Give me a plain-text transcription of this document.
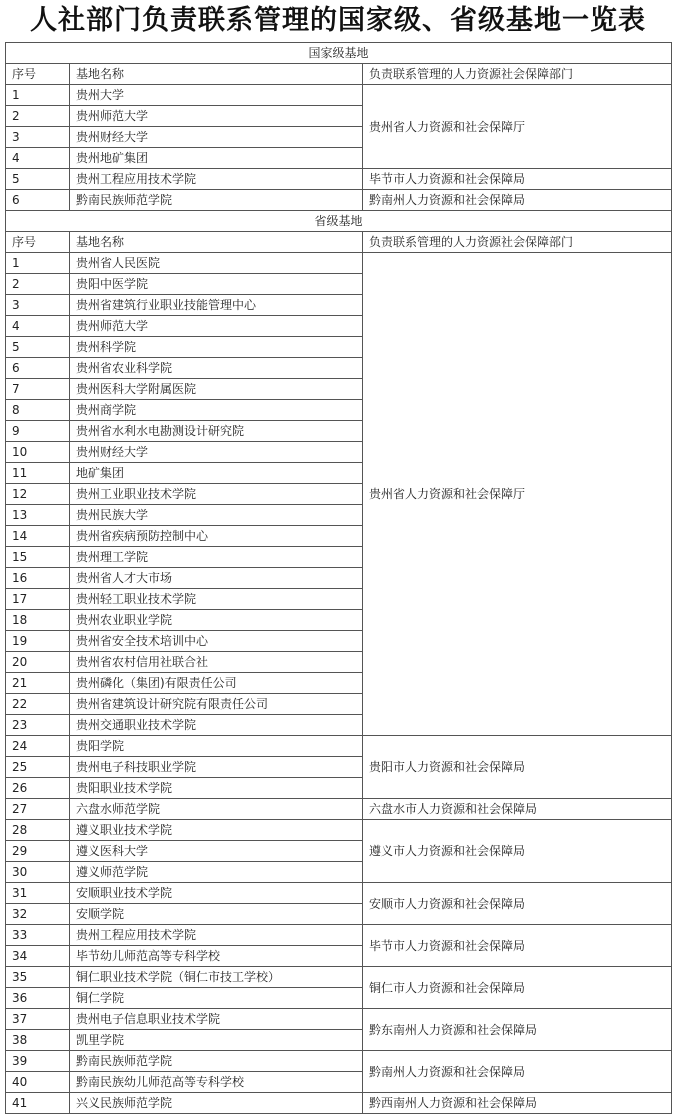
人社部门负责联系管理的国家级、省级基地一览表
国家级基地		
序号	基地名称	负责联系管理的人力资源社会保障部门
1	贵州大学	贵州省人力资源和社会保障厅
2	贵州师范大学	
3	贵州财经大学	
4	贵州地矿集团	
5	贵州工程应用技术学院	毕节市人力资源和社会保障局
6	黔南民族师范学院	黔南州人力资源和社会保障局
省级基地		
序号	基地名称	负责联系管理的人力资源社会保障部门
1	贵州省人民医院	贵州省人力资源和社会保障厅
2	贵阳中医学院	
3	贵州省建筑行业职业技能管理中心	
4	贵州师范大学	
5	贵州科学院	
6	贵州省农业科学院	
7	贵州医科大学附属医院	
8	贵州商学院	
9	贵州省水利水电勘测设计研究院	
10	贵州财经大学	
11	地矿集团	
12	贵州工业职业技术学院	
13	贵州民族大学	
14	贵州省疾病预防控制中心	
15	贵州理工学院	
16	贵州省人才大市场	
17	贵州轻工职业技术学院	
18	贵州农业职业学院	
19	贵州省安全技术培训中心	
20	贵州省农村信用社联合社	
21	贵州磷化（集团)有限责任公司	
22	贵州省建筑设计研究院有限责任公司	
23	贵州交通职业技术学院	
24	贵阳学院	贵阳市人力资源和社会保障局
25	贵州电子科技职业学院	
26	贵阳职业技术学院	
27	六盘水师范学院	六盘水市人力资源和社会保障局
28	遵义职业技术学院	遵义市人力资源和社会保障局
29	遵义医科大学	
30	遵义师范学院	
31	安顺职业技术学院	安顺市人力资源和社会保障局
32	安顺学院	
33	贵州工程应用技术学院	毕节市人力资源和社会保障局
34	毕节幼儿师范高等专科学校	
35	铜仁职业技术学院（铜仁市技工学校）	铜仁市人力资源和社会保障局
36	铜仁学院	
37	贵州电子信息职业技术学院	黔东南州人力资源和社会保障局
38	凯里学院	
39	黔南民族师范学院	黔南州人力资源和社会保障局
40	黔南民族幼儿师范高等专科学校	
41	兴义民族师范学院	黔西南州人力资源和社会保障局
